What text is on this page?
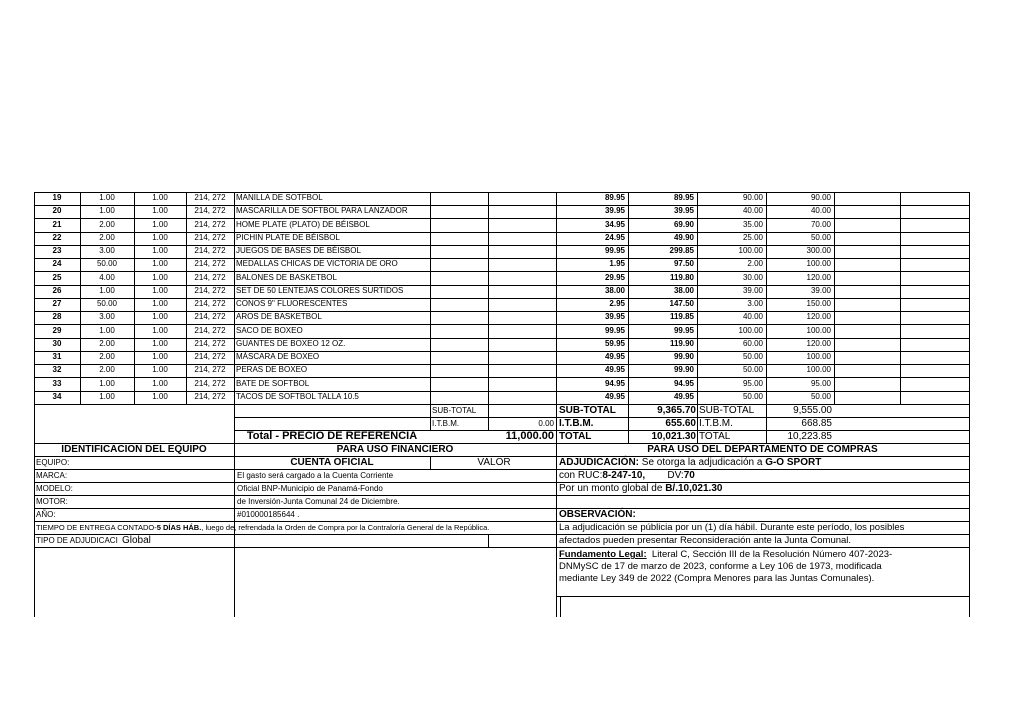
19	1.00	1.00	214, 272	MANILLA DE SOTFBOL	89.95	89.95	90.00	90.00
20	1.00	1.00	214, 272	MASCARILLA DE SOFTBOL PARA LANZADOR	39.95	39.95	40.00	40.00
21	2.00	1.00	214, 272	HOME PLATE (PLATO) DE BÉISBOL	34.95	69.90	35.00	70.00
22	2.00	1.00	214, 272	PICHIN PLATE DE BÉISBOL	24.95	49.90	25.00	50.00
23	3.00	1.00	214, 272	JUEGOS DE BASES DE BÉISBOL	99.95	299.85	100.00	300.00
24	50.00	1.00	214, 272	MEDALLAS CHICAS DE VICTORIA DE ORO	1.95	97.50	2.00	100.00
25	4.00	1.00	214, 272	BALONES DE BASKETBOL	29.95	119.80	30.00	120.00
26	1.00	1.00	214, 272	SET DE 50 LENTEJAS COLORES SURTIDOS	38.00	38.00	39.00	39.00
27	50.00	1.00	214, 272	CONOS 9" FLUORESCENTES	2.95	147.50	3.00	150.00
28	3.00	1.00	214, 272	AROS DE BASKETBOL	39.95	119.85	40.00	120.00
29	1.00	1.00	214, 272	SACO DE BOXEO	99.95	99.95	100.00	100.00
30	2.00	1.00	214, 272	GUANTES DE BOXEO 12 OZ.	59.95	119.90	60.00	120.00
31	2.00	1.00	214, 272	MÁSCARA DE BOXEO	49.95	99.90	50.00	100.00
32	2.00	1.00	214, 272	PERAS DE BOXEO	49.95	99.90	50.00	100.00
33	1.00	1.00	214, 272	BATE DE SOFTBOL	94.95	94.95	95.00	95.00
34	1.00	1.00	214, 272	TACOS DE SOFTBOL TALLA 10.5	49.95	49.95	50.00	50.00
SUB-TOTAL	SUB-TOTAL	9,365.70 SUB-TOTAL	9,555.00
I.T.B.M.	0.00 I.T.B.M.	655.60 I.T.B.M.	668.85
Total - PRECIO DE REFERENCIA	11,000.00 TOTAL	10,021.30 TOTAL	10,223.85
IDENTIFICACION DEL EQUIPO	PARA USO FINANCIERO	PARA USO DEL DEPARTAMENTO DE COMPRAS
EQUIPO:
MARCA:
MODELO:
MOTOR:
AÑO:
CUENTA OFICIAL	VALOR
El gasto será cargado a la Cuenta Corriente
Oficial BNP-Municipio de Panamá-Fondo
de Inversión-Junta Comunal 24 de Diciembre.
#010000185644 .
TIEMPO DE ENTREGA CONTADO-5 DÍAS HÁB., luego de, refrendada la Orden de Compra por la Contraloría General de la República.
TIPO DE ADJUDICACI Global
ADJUDICACIÓN: Se otorga la adjudicación a G-O SPORT
con RUC:8-247-10, DV:70
Por un monto global de B/.10,021.30
OBSERVACIÓN:
La adjudicación se públicia por un (1) día hábil. Durante este período, los posibles
afectados pueden presentar Reconsideración ante la Junta Comunal.
Fundamento Legal: Literal C, Sección III de la Resolución Número 407-2023-
DNMySC de 17 de marzo de 2023, conforme a Ley 106 de 1973, modificada
mediante Ley 349 de 2022 (Compra Menores para las Juntas Comunales).
